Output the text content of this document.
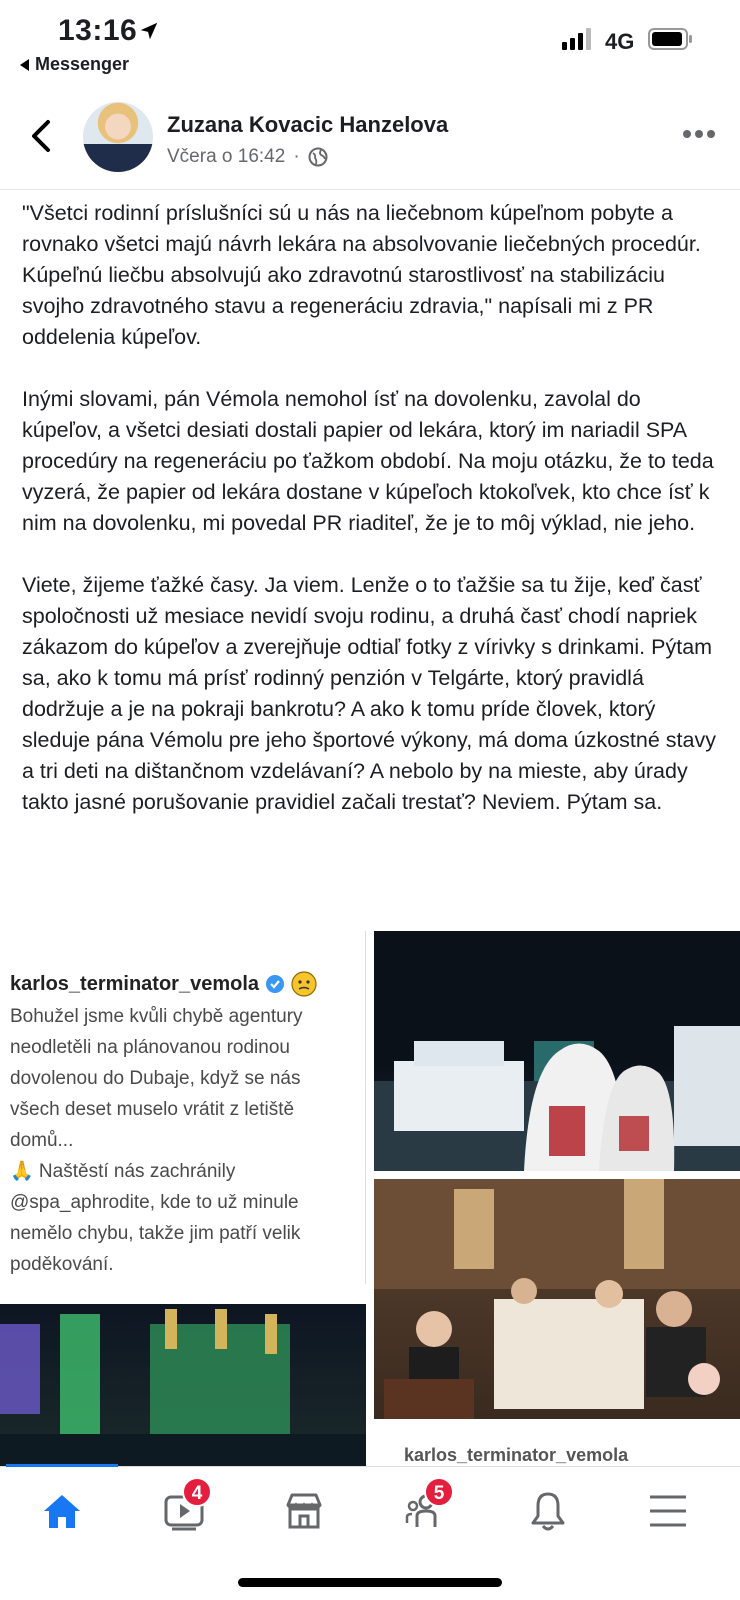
13:16
Messenger
4G
Zuzana Kovacic Hanzelova
Včera o 16:42 ·

"Všetci rodinní príslušníci sú u nás na liečebnom kúpeľnom pobyte a rovnako všetci majú návrh lekára na absolvovanie liečebných procedúr. Kúpeľnú liečbu absolvujú ako zdravotnú starostlivosť na stabilizáciu svojho zdravotného stavu a regeneráciu zdravia," napísali mi z PR oddelenia kúpeľov.

Inými slovami, pán Vémola nemohol ísť na dovolenku, zavolal do kúpeľov, a všetci desiati dostali papier od lekára, ktorý im nariadil SPA procedúry na regeneráciu po ťažkom období. Na moju otázku, že to teda vyzerá, že papier od lekára dostane v kúpeľoch ktokoľvek, kto chce ísť k nim na dovolenku, mi povedal PR riaditeľ, že je to môj výklad, nie jeho.

Viete, žijeme ťažké časy. Ja viem. Lenže o to ťažšie sa tu žije, keď časť spoločnosti už mesiace nevidí svoju rodinu, a druhá časť chodí napriek zákazom do kúpeľov a zverejňuje odtiaľ fotky z vírivky s drinkami. Pýtam sa, ako k tomu má prísť rodinný penzión v Telgárte, ktorý pravidlá dodržuje a je na pokraji bankrotu? A ako k tomu príde človek, ktorý sleduje pána Vémolu pre jeho športové výkony, má doma úzkostné stavy a tri deti na dištančnom vzdelávaní? A nebolo by na mieste, aby úrady takto jasné porušovanie pravidiel začali trestať? Neviem. Pýtam sa.

karlos_terminator_vemola
Bohužel jsme kvůli chybě agentury
neodletěli na plánovanou rodinou
dovolenou do Dubaje, když se nás
všech deset muselo vrátit z letiště
domů...
🙏 Naštěstí nás zachránily
@spa_aphrodite, kde to už minule
nemělo chybu, takže jim patří velik
poděkování.
karlos_terminator_vemola
4	5
